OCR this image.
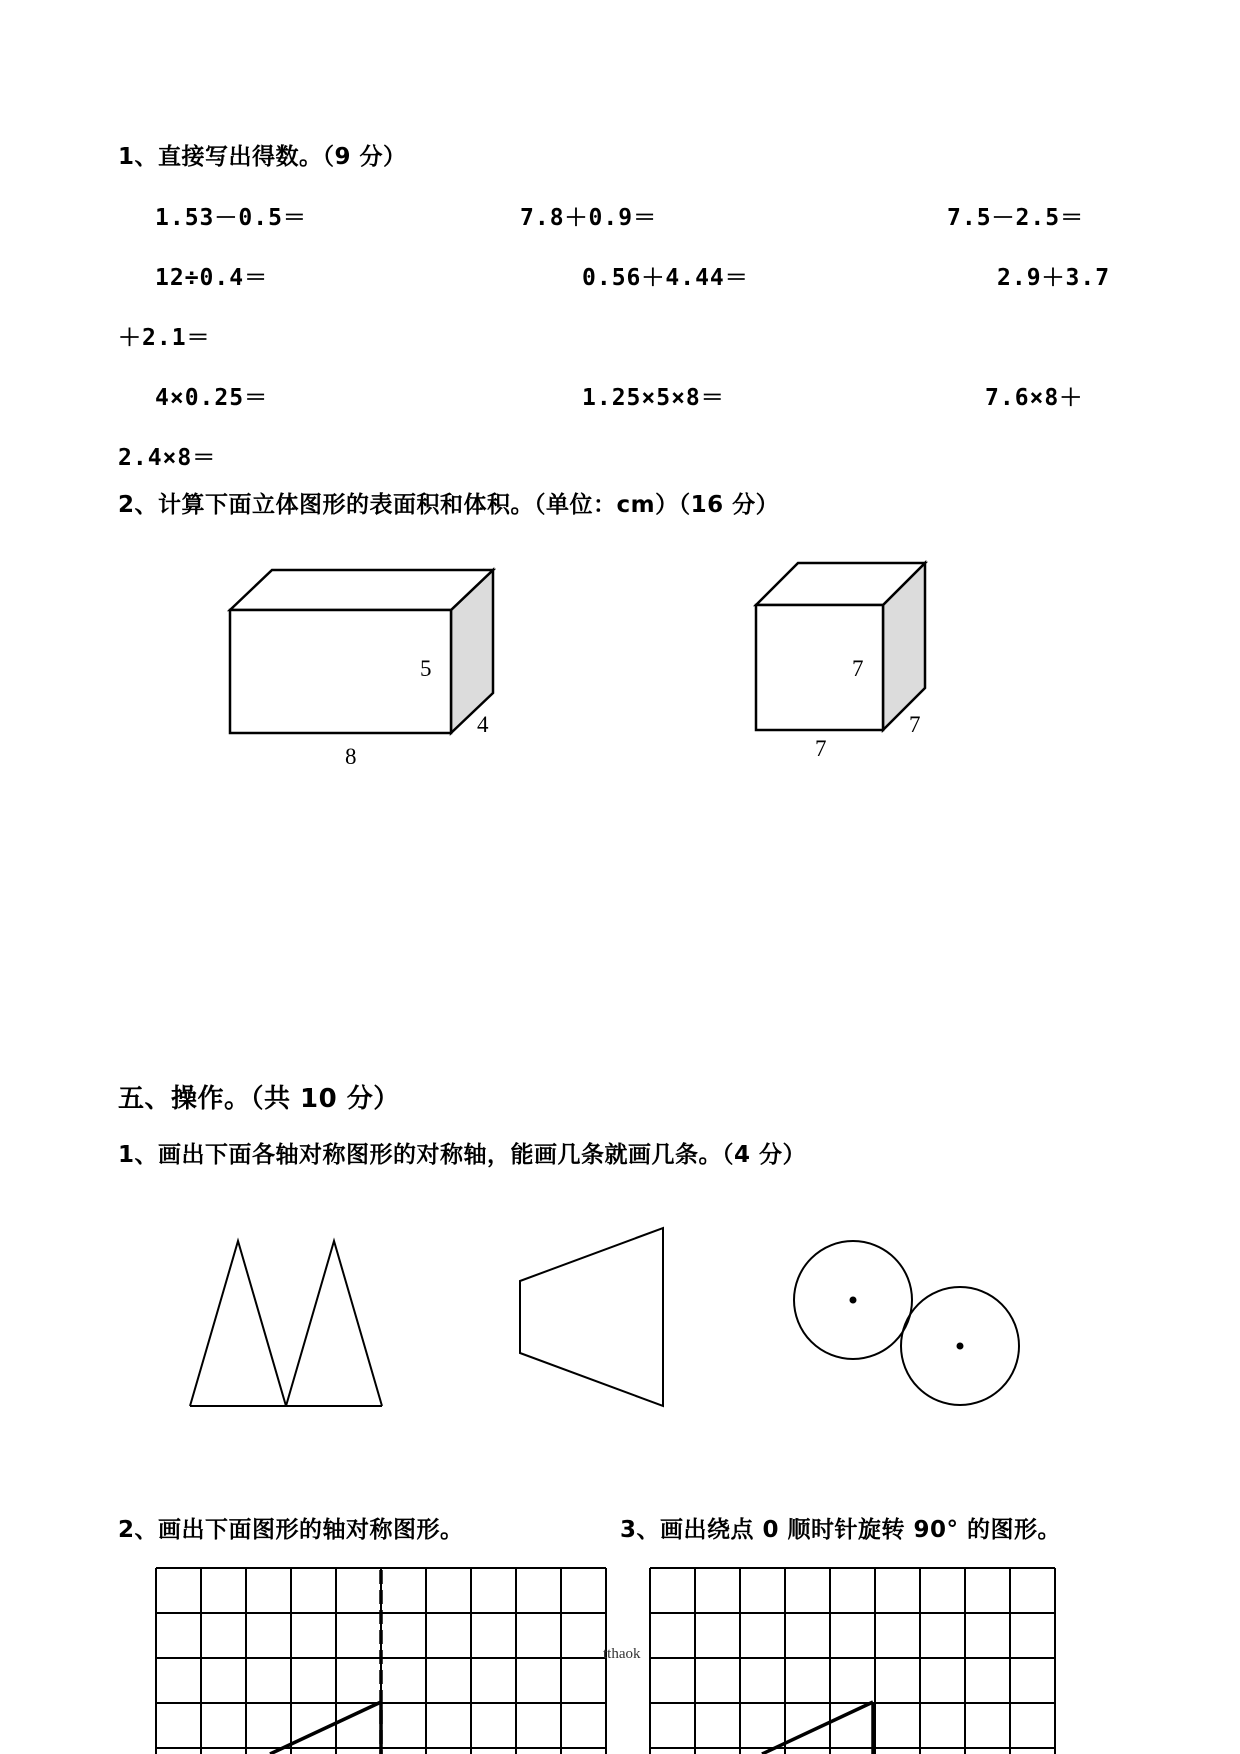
1、直接写出得数。（9 分）
1.53－0.5＝	7.8＋0.9＝	7.5－2.5＝
12÷0.4＝	0.56＋4.44＝	2.9＋3.7
＋2.1＝
4×0.25＝	1.25×5×8＝	7.6×8＋
2.4×8＝
2、计算下面立体图形的表面积和体积。（单位：cm）（16 分）
5
4
8
7
7
7
五、操作。（共 10 分）
1、画出下面各轴对称图形的对称轴，能画几条就画几条。（4 分）
2、画出下面图形的轴对称图形。	3、画出绕点 0 顺时针旋转 90° 的图形。
tthaok
